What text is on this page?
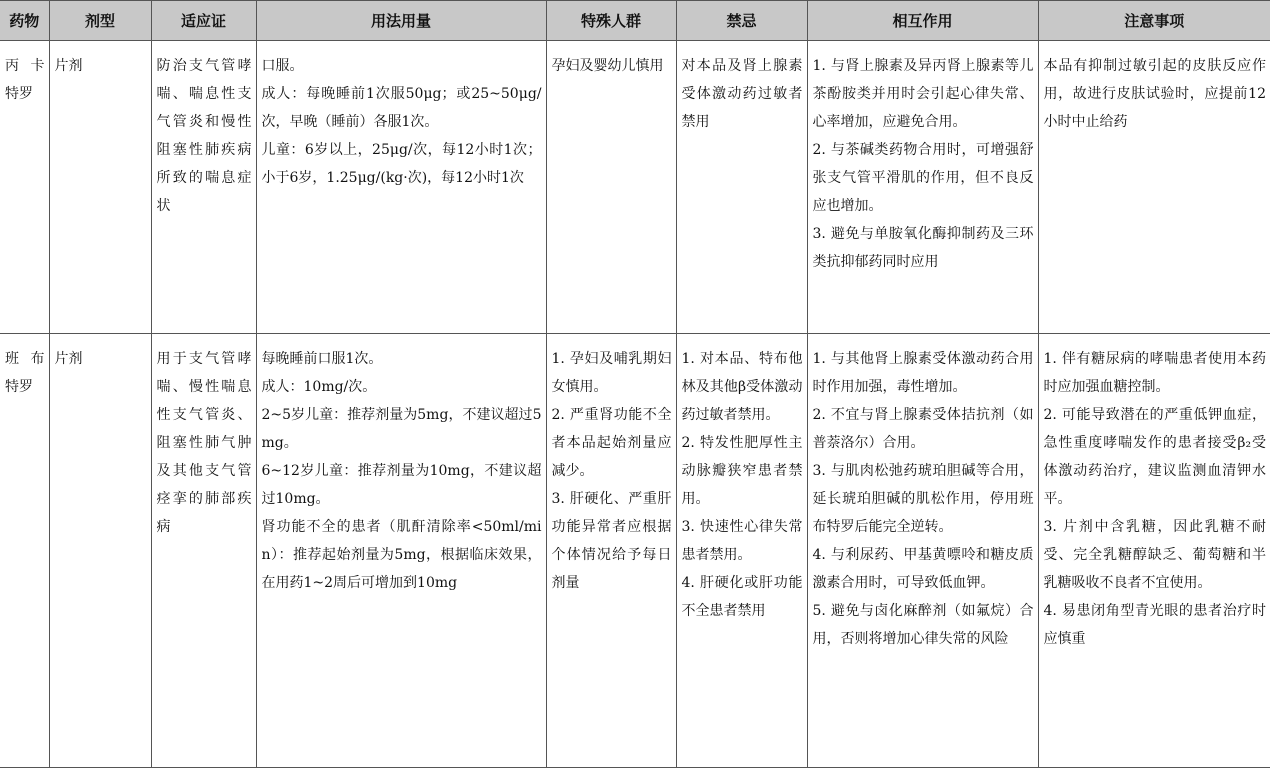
药物	剂型	适应证	用法用量	特殊人群	禁忌	相互作用	注意事项
丙卡特罗	片剂	防治支气管哮喘、喘息性支气管炎和慢性阻塞性肺疾病所致的喘息症状	口服。
成人：每晚睡前1次服50μg；或25~50μg/次，早晚（睡前）各服1次。
儿童：6岁以上，25μg/次，每12小时1次；小于6岁，1.25μg/(kg·次)，每12小时1次	孕妇及婴幼儿慎用	对本品及肾上腺素受体激动药过敏者禁用	1. 与肾上腺素及异丙肾上腺素等儿茶酚胺类并用时会引起心律失常、心率增加，应避免合用。
2. 与茶碱类药物合用时，可增强舒张支气管平滑肌的作用，但不良反应也增加。
3. 避免与单胺氧化酶抑制药及三环类抗抑郁药同时应用	本品有抑制过敏引起的皮肤反应作用，故进行皮肤试验时，应提前12小时中止给药

班布特罗	片剂	用于支气管哮喘、慢性喘息性支气管炎、阻塞性肺气肿及其他支气管痉挛的肺部疾病	每晚睡前口服1次。
成人：10mg/次。
2~5岁儿童：推荐剂量为5mg，不建议超过5mg。
6~12岁儿童：推荐剂量为10mg，不建议超过10mg。
肾功能不全的患者（肌酐清除率<50ml/min）：推荐起始剂量为5mg，根据临床效果，在用药1~2周后可增加到10mg	1. 孕妇及哺乳期妇女慎用。
2. 严重肾功能不全者本品起始剂量应减少。
3. 肝硬化、严重肝功能异常者应根据个体情况给予每日剂量	1. 对本品、特布他林及其他β受体激动药过敏者禁用。
2. 特发性肥厚性主动脉瓣狭窄患者禁用。
3. 快速性心律失常患者禁用。
4. 肝硬化或肝功能不全患者禁用	1. 与其他肾上腺素受体激动药合用时作用加强，毒性增加。
2. 不宜与肾上腺素受体拮抗剂（如普萘洛尔）合用。
3. 与肌肉松弛药琥珀胆碱等合用，延长琥珀胆碱的肌松作用，停用班布特罗后能完全逆转。
4. 与利尿药、甲基黄嘌呤和糖皮质激素合用时，可导致低血钾。
5. 避免与卤化麻醉剂（如氟烷）合用，否则将增加心律失常的风险	1. 伴有糖尿病的哮喘患者使用本药时应加强血糖控制。
2. 可能导致潜在的严重低钾血症，急性重度哮喘发作的患者接受β₂受体激动药治疗，建议监测血清钾水平。
3. 片剂中含乳糖，因此乳糖不耐受、完全乳糖醇缺乏、葡萄糖和半乳糖吸收不良者不宜使用。
4. 易患闭角型青光眼的患者治疗时应慎重
